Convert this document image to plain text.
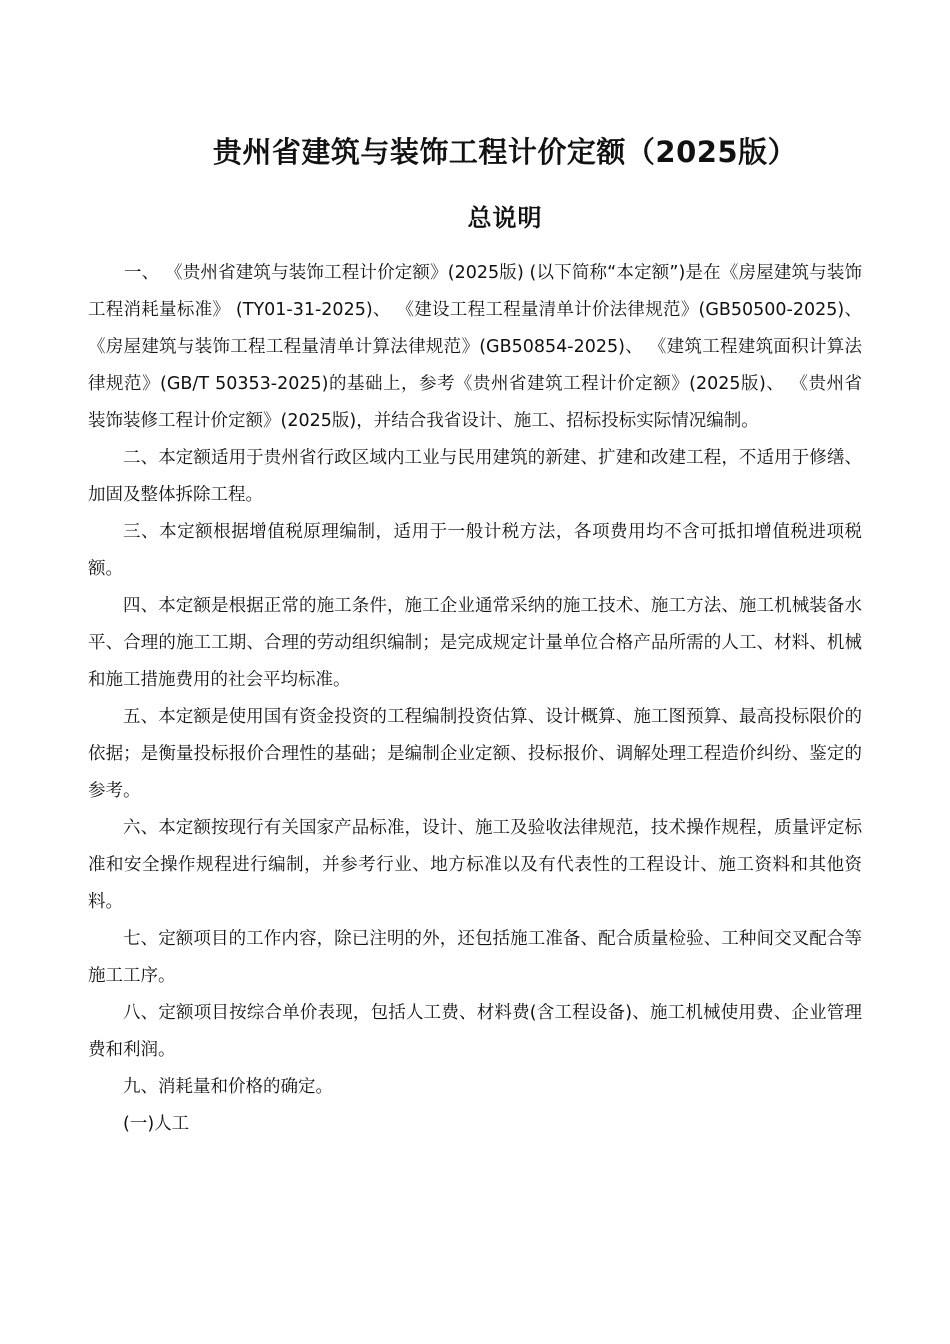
贵州省建筑与装饰工程计价定额（2025版）
总说明

一、 《贵州省建筑与装饰工程计价定额》(2025版) (以下简称“本定额”)是在《房屋建筑与装饰工程消耗量标准》 (TY01-31-2025)、 《建设工程工程量清单计价法律规范》(GB50500-2025)、 《房屋建筑与装饰工程工程量清单计算法律规范》(GB50854-2025)、 《建筑工程建筑面积计算法律规范》(GB/T 50353-2025)的基础上，参考《贵州省建筑工程计价定额》(2025版)、 《贵州省装饰装修工程计价定额》(2025版)，并结合我省设计、施工、招标投标实际情况编制。

二、本定额适用于贵州省行政区域内工业与民用建筑的新建、扩建和改建工程，不适用于修缮、加固及整体拆除工程。

三、本定额根据增值税原理编制，适用于一般计税方法，各项费用均不含可抵扣增值税进项税额。

四、本定额是根据正常的施工条件，施工企业通常采纳的施工技术、施工方法、施工机械装备水平、合理的施工工期、合理的劳动组织编制；是完成规定计量单位合格产品所需的人工、材料、机械和施工措施费用的社会平均标准。

五、本定额是使用国有资金投资的工程编制投资估算、设计概算、施工图预算、最高投标限价的依据；是衡量投标报价合理性的基础；是编制企业定额、投标报价、调解处理工程造价纠纷、鉴定的参考。

六、本定额按现行有关国家产品标准，设计、施工及验收法律规范，技术操作规程，质量评定标准和安全操作规程进行编制，并参考行业、地方标准以及有代表性的工程设计、施工资料和其他资料。

七、定额项目的工作内容，除已注明的外，还包括施工准备、配合质量检验、工种间交叉配合等施工工序。

八、定额项目按综合单价表现，包括人工费、材料费(含工程设备)、施工机械使用费、企业管理费和利润。

九、消耗量和价格的确定。

(一)人工
